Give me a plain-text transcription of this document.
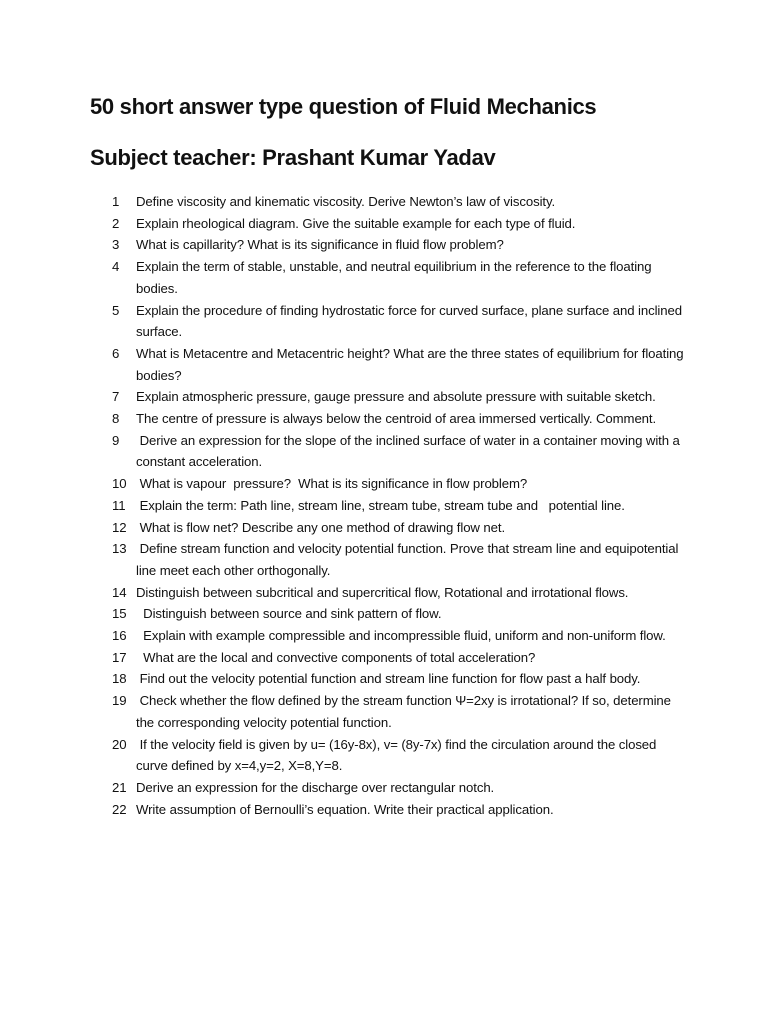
50 short answer type question of Fluid Mechanics
Subject teacher: Prashant Kumar Yadav
1	Define viscosity and kinematic viscosity. Derive Newton’s law of viscosity.
2	Explain rheological diagram. Give the suitable example for each type of fluid.
3	What is capillarity? What is its significance in fluid flow problem?
4	Explain the term of stable, unstable, and neutral equilibrium in the reference to the floating bodies.
5	Explain the procedure of finding hydrostatic force for curved surface, plane surface and inclined surface.
6	What is Metacentre and Metacentric height? What are the three states of equilibrium for floating bodies?
7	Explain atmospheric pressure, gauge pressure and absolute pressure with suitable sketch.
8	The centre of pressure is always below the centroid of area immersed vertically. Comment.
9	Derive an expression for the slope of the inclined surface of water in a container moving with a constant acceleration.
10 What is vapour  pressure?  What is its significance in flow problem?
11 Explain the term: Path line, stream line, stream tube, stream tube and   potential line.
12 What is flow net? Describe any one method of drawing flow net.
13 Define stream function and velocity potential function. Prove that stream line and equipotential line meet each other orthogonally.
14 Distinguish between subcritical and supercritical flow, Rotational and irrotational flows.
15 Distinguish between source and sink pattern of flow.
16 Explain with example compressible and incompressible fluid, uniform and non-uniform flow.
17 What are the local and convective components of total acceleration?
18 Find out the velocity potential function and stream line function for flow past a half body.
19 Check whether the flow defined by the stream function Ψ=2xy is irrotational? If so, determine the corresponding velocity potential function.
20 If the velocity field is given by u= (16y-8x), v= (8y-7x) find the circulation around the closed curve defined by x=4,y=2, X=8,Y=8.
21 Derive an expression for the discharge over rectangular notch.
22 Write assumption of Bernoulli’s equation. Write their practical application.
